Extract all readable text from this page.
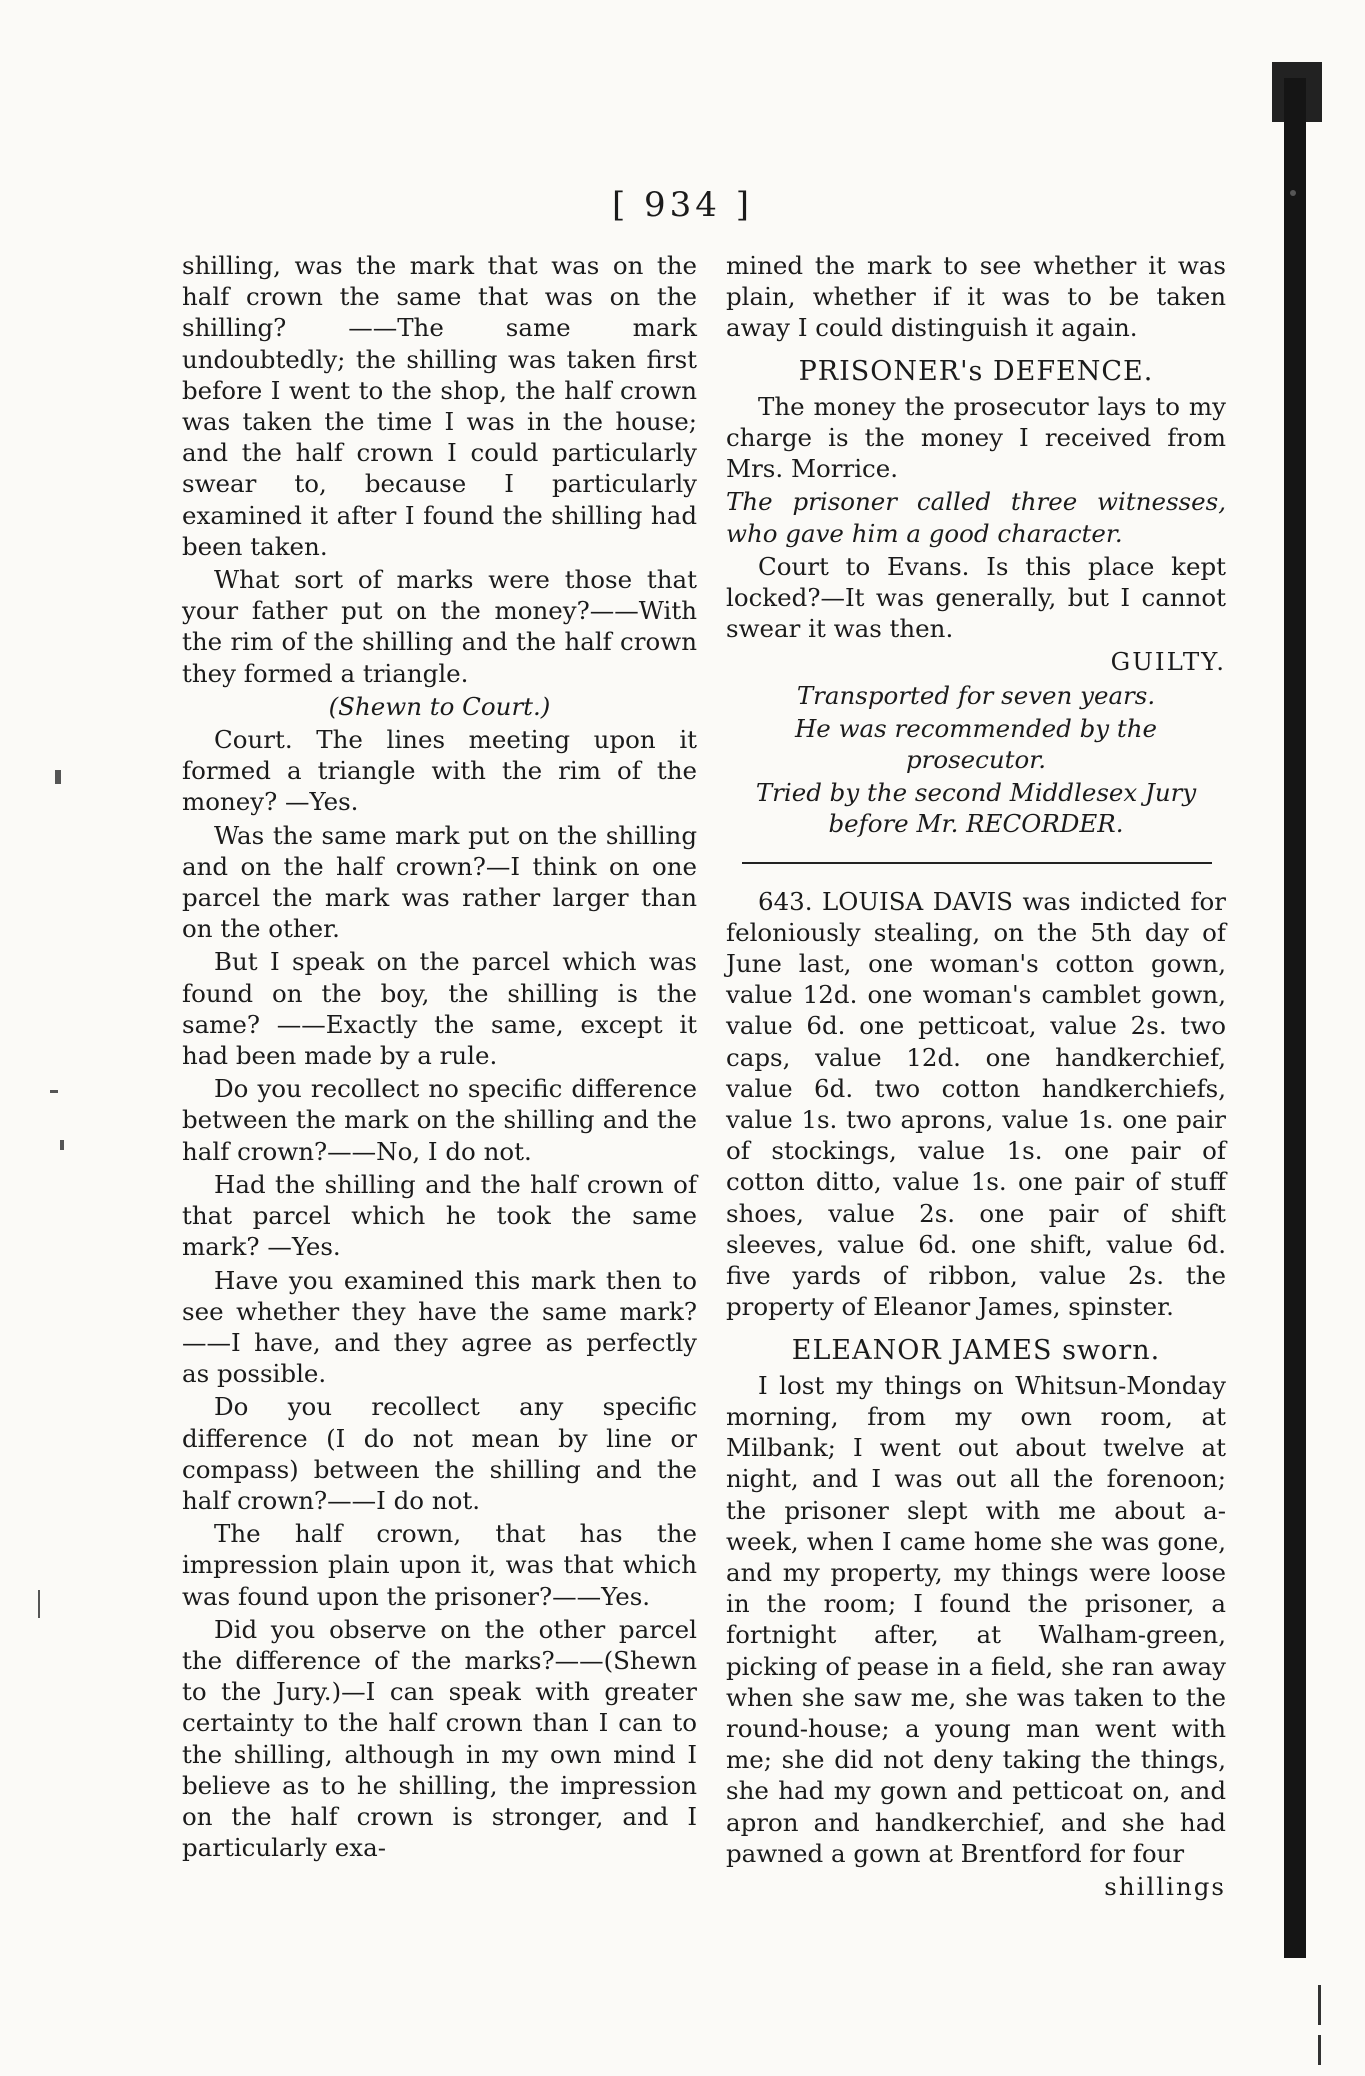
[ 934 ]

shilling, was the mark that was on the half crown the same that was on the shilling? ——The same mark undoubtedly; the shilling was taken first before I went to the shop, the half crown was taken the time I was in the house; and the half crown I could particularly swear to, because I particularly examined it after I found the shilling had been taken.

What sort of marks were those that your father put on the money?——With the rim of the shilling and the half crown they formed a triangle.

(Shewn to Court.)

Court. The lines meeting upon it formed a triangle with the rim of the money? —Yes.

Was the same mark put on the shilling and on the half crown?—I think on one parcel the mark was rather larger than on the other.

But I speak on the parcel which was found on the boy, the shilling is the same? ——Exactly the same, except it had been made by a rule.

Do you recollect no specific difference between the mark on the shilling and the half crown?——No, I do not.

Had the shilling and the half crown of that parcel which he took the same mark? —Yes.

Have you examined this mark then to see whether they have the same mark?——I have, and they agree as perfectly as possible.

Do you recollect any specific difference (I do not mean by line or compass) between the shilling and the half crown?——I do not.

The half crown, that has the impression plain upon it, was that which was found upon the prisoner?——Yes.

Did you observe on the other parcel the difference of the marks?——(Shewn to the Jury.)—I can speak with greater certainty to the half crown than I can to the shilling, although in my own mind I believe as to he shilling, the impression on the half crown is stronger, and I particularly exa-

mined the mark to see whether it was plain, whether if it was to be taken away I could distinguish it again.

PRISONER's DEFENCE.

The money the prosecutor lays to my charge is the money I received from Mrs. Morrice.

The prisoner called three witnesses, who gave him a good character.

Court to Evans. Is this place kept locked?—It was generally, but I cannot swear it was then.

GUILTY.

Transported for seven years.

He was recommended by the prosecutor.

Tried by the second Middlesex Jury before Mr. RECORDER.

643. LOUISA DAVIS was indicted for feloniously stealing, on the 5th day of June last, one woman's cotton gown, value 12d. one woman's camblet gown, value 6d. one petticoat, value 2s. two caps, value 12d. one handkerchief, value 6d. two cotton handkerchiefs, value 1s. two aprons, value 1s. one pair of stockings, value 1s. one pair of cotton ditto, value 1s. one pair of stuff shoes, value 2s. one pair of shift sleeves, value 6d. one shift, value 6d. five yards of ribbon, value 2s. the property of Eleanor James, spinster.

ELEANOR JAMES sworn.

I lost my things on Whitsun-Monday morning, from my own room, at Milbank; I went out about twelve at night, and I was out all the forenoon; the prisoner slept with me about a-week, when I came home she was gone, and my property, my things were loose in the room; I found the prisoner, a fortnight after, at Walham-green, picking of pease in a field, she ran away when she saw me, she was taken to the round-house; a young man went with me; she did not deny taking the things, she had my gown and petticoat on, and apron and handkerchief, and she had pawned a gown at Brentford for four

shillings
